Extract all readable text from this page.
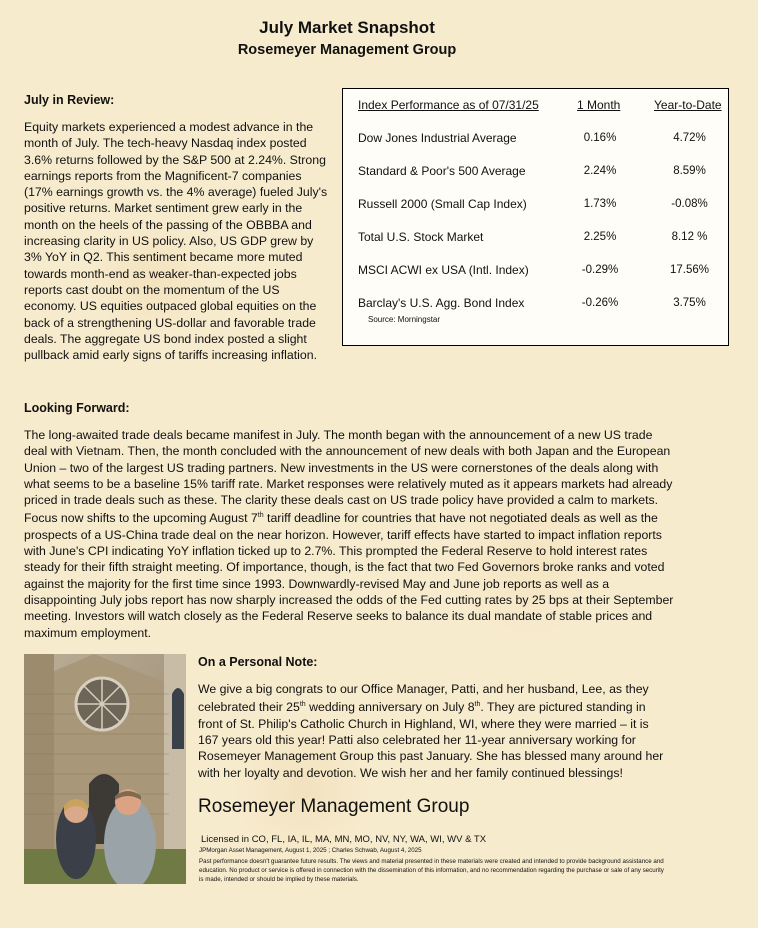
July Market Snapshot
Rosemeyer Management Group
July in Review:
Equity markets experienced a modest advance in the month of July. The tech-heavy Nasdaq index posted 3.6% returns followed by the S&P 500 at 2.24%. Strong earnings reports from the Magnificent-7 companies (17% earnings growth vs. the 4% average) fueled July's positive returns. Market sentiment grew early in the month on the heels of the passing of the OBBBA and increasing clarity in US policy. Also, US GDP grew by 3% YoY in Q2. This sentiment became more muted towards month-end as weaker-than-expected jobs reports cast doubt on the momentum of the US economy. US equities outpaced global equities on the back of a strengthening US-dollar and favorable trade deals. The aggregate US bond index posted a slight pullback amid early signs of tariffs increasing inflation.
Index Performance as of 07/31/25	1 Month	Year-to-Date
Dow Jones Industrial Average	0.16%	4.72%
Standard & Poor's 500 Average	2.24%	8.59%
Russell 2000 (Small Cap Index)	1.73%	-0.08%
Total U.S. Stock Market	2.25%	8.12 %
MSCI ACWI ex USA (Intl. Index)	-0.29%	17.56%
Barclay's U.S. Agg. Bond Index	-0.26%	3.75%
Source: Morningstar
Looking Forward:
The long-awaited trade deals became manifest in July. The month began with the announcement of a new US trade deal with Vietnam. Then, the month concluded with the announcement of new deals with both Japan and the European Union – two of the largest US trading partners. New investments in the US were cornerstones of the deals along with what seems to be a baseline 15% tariff rate. Market responses were relatively muted as it appears markets had already priced in trade deals such as these. The clarity these deals cast on US trade policy have provided a calm to markets. Focus now shifts to the upcoming August 7th tariff deadline for countries that have not negotiated deals as well as the prospects of a US-China trade deal on the near horizon. However, tariff effects have started to impact inflation reports with June's CPI indicating YoY inflation ticked up to 2.7%. This prompted the Federal Reserve to hold interest rates steady for their fifth straight meeting. Of importance, though, is the fact that two Fed Governors broke ranks and voted against the majority for the first time since 1993. Downwardly-revised May and June job reports as well as a disappointing July jobs report has now sharply increased the odds of the Fed cutting rates by 25 bps at their September meeting. Investors will watch closely as the Federal Reserve seeks to balance its dual mandate of stable prices and maximum employment.
On a Personal Note:
We give a big congrats to our Office Manager, Patti, and her husband, Lee, as they celebrated their 25th wedding anniversary on July 8th. They are pictured standing in front of St. Philip's Catholic Church in Highland, WI, where they were married – it is 167 years old this year! Patti also celebrated her 11-year anniversary working for Rosemeyer Management Group this past January. She has blessed many around her with her loyalty and devotion. We wish her and her family continued blessings!
Rosemeyer Management Group
Licensed in CO, FL, IA, IL, MA, MN, MO, NV, NY, WA, WI, WV & TX
JPMorgan Asset Management, August 1, 2025 ; Charles Schwab, August 4, 2025
Past performance doesn't guarantee future results. The views and material presented in these materials were created and intended to provide background assistance and education. No product or service is offered in connection with the dissemination of this information, and no recommendation regarding the purchase or sale of any security is made, intended or should be implied by these materials.
